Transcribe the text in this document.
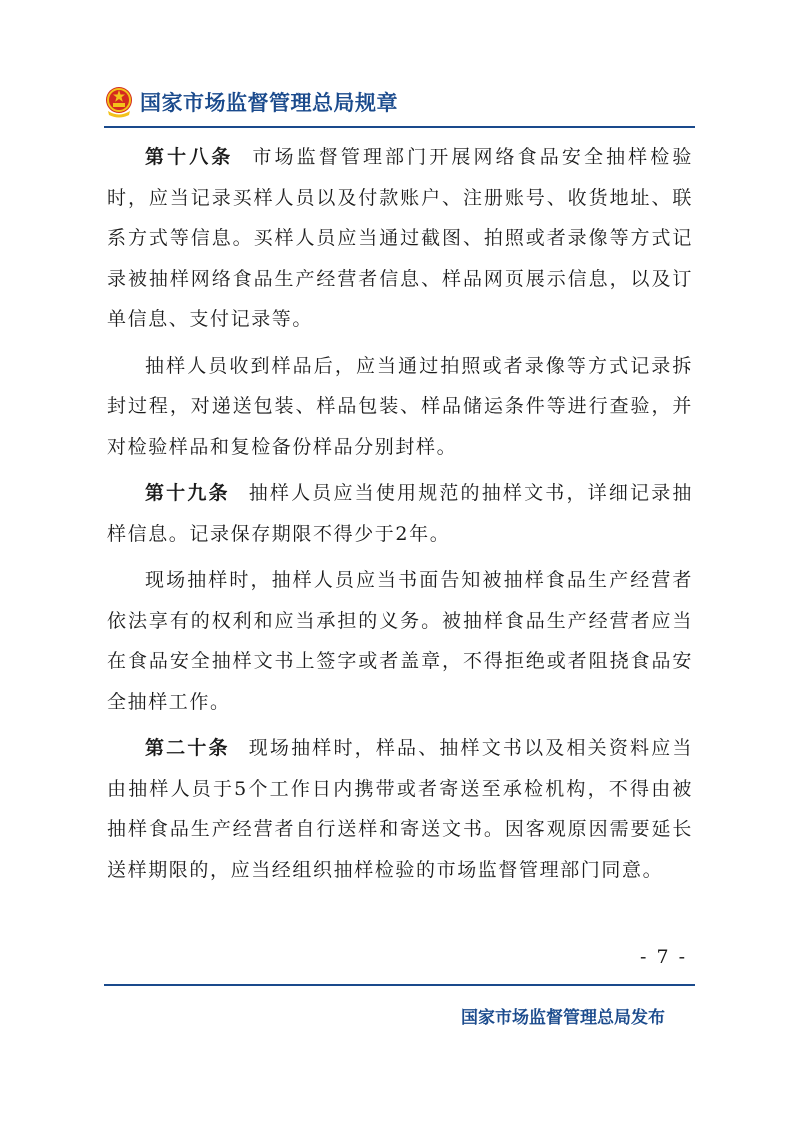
国家市场监督管理总局规章

第十八条 市场监督管理部门开展网络食品安全抽样检验时，应当记录买样人员以及付款账户、注册账号、收货地址、联系方式等信息。买样人员应当通过截图、拍照或者录像等方式记录被抽样网络食品生产经营者信息、样品网页展示信息，以及订单信息、支付记录等。

抽样人员收到样品后，应当通过拍照或者录像等方式记录拆封过程，对递送包装、样品包装、样品储运条件等进行查验，并对检验样品和复检备份样品分别封样。

第十九条 抽样人员应当使用规范的抽样文书，详细记录抽样信息。记录保存期限不得少于2年。

现场抽样时，抽样人员应当书面告知被抽样食品生产经营者依法享有的权利和应当承担的义务。被抽样食品生产经营者应当在食品安全抽样文书上签字或者盖章，不得拒绝或者阻挠食品安全抽样工作。

第二十条 现场抽样时，样品、抽样文书以及相关资料应当由抽样人员于5个工作日内携带或者寄送至承检机构，不得由被抽样食品生产经营者自行送样和寄送文书。因客观原因需要延长送样期限的，应当经组织抽样检验的市场监督管理部门同意。

- 7 -
国家市场监督管理总局发布
